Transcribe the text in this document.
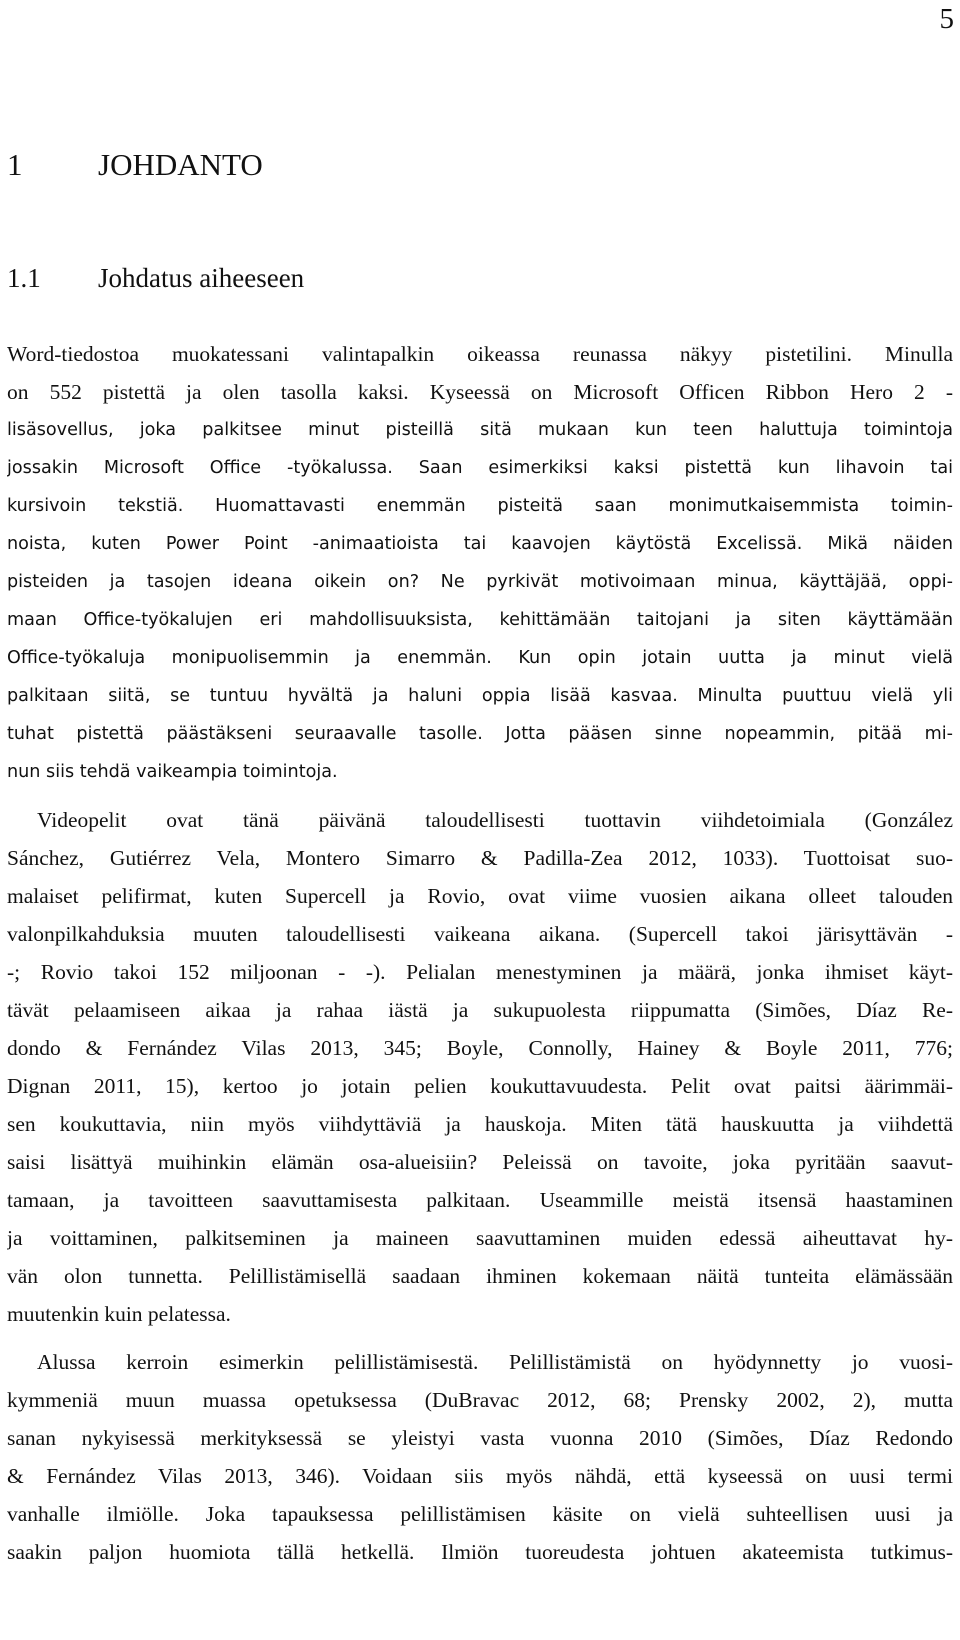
5
1 JOHDANTO
1.1 Johdatus aiheeseen
Word-tiedostoa muokatessani valintapalkin oikeassa reunassa näkyy pistetilini. Minulla
on 552 pistettä ja olen tasolla kaksi. Kyseessä on Microsoft Officen Ribbon Hero 2 -
lisäsovellus, joka palkitsee minut pisteillä sitä mukaan kun teen haluttuja toimintoja
jossakin Microsoft Office -työkalussa. Saan esimerkiksi kaksi pistettä kun lihavoin tai
kursivoin tekstiä. Huomattavasti enemmän pisteitä saan monimutkaisemmista toimin-
noista, kuten Power Point -animaatioista tai kaavojen käytöstä Excelissä. Mikä näiden
pisteiden ja tasojen ideana oikein on? Ne pyrkivät motivoimaan minua, käyttäjää, oppi-
maan Office-työkalujen eri mahdollisuuksista, kehittämään taitojani ja siten käyttämään
Office-työkaluja monipuolisemmin ja enemmän. Kun opin jotain uutta ja minut vielä
palkitaan siitä, se tuntuu hyvältä ja haluni oppia lisää kasvaa. Minulta puuttuu vielä yli
tuhat pistettä päästäkseni seuraavalle tasolle. Jotta pääsen sinne nopeammin, pitää mi-
nun siis tehdä vaikeampia toimintoja.
Videopelit ovat tänä päivänä taloudellisesti tuottavin viihdetoimiala (González
Sánchez, Gutiérrez Vela, Montero Simarro & Padilla-Zea 2012, 1033). Tuottoisat suo-
malaiset pelifirmat, kuten Supercell ja Rovio, ovat viime vuosien aikana olleet talouden
valonpilkahduksia muuten taloudellisesti vaikeana aikana. (Supercell takoi järisyttävän -
-; Rovio takoi 152 miljoonan - -). Pelialan menestyminen ja määrä, jonka ihmiset käyt-
tävät pelaamiseen aikaa ja rahaa iästä ja sukupuolesta riippumatta (Simões, Díaz Re-
dondo & Fernández Vilas 2013, 345; Boyle, Connolly, Hainey & Boyle 2011, 776;
Dignan 2011, 15), kertoo jo jotain pelien koukuttavuudesta. Pelit ovat paitsi äärimmäi-
sen koukuttavia, niin myös viihdyttäviä ja hauskoja. Miten tätä hauskuutta ja viihdettä
saisi lisättyä muihinkin elämän osa-alueisiin? Peleissä on tavoite, joka pyritään saavut-
tamaan, ja tavoitteen saavuttamisesta palkitaan. Useammille meistä itsensä haastaminen
ja voittaminen, palkitseminen ja maineen saavuttaminen muiden edessä aiheuttavat hy-
vän olon tunnetta. Pelillistämisellä saadaan ihminen kokemaan näitä tunteita elämässään
muutenkin kuin pelatessa.
Alussa kerroin esimerkin pelillistämisestä. Pelillistämistä on hyödynnetty jo vuosi-
kymmeniä muun muassa opetuksessa (DuBravac 2012, 68; Prensky 2002, 2), mutta
sanan nykyisessä merkityksessä se yleistyi vasta vuonna 2010 (Simões, Díaz Redondo
& Fernández Vilas 2013, 346). Voidaan siis myös nähdä, että kyseessä on uusi termi
vanhalle ilmiölle. Joka tapauksessa pelillistämisen käsite on vielä suhteellisen uusi ja
saakin paljon huomiota tällä hetkellä. Ilmiön tuoreudesta johtuen akateemista tutkimus-
